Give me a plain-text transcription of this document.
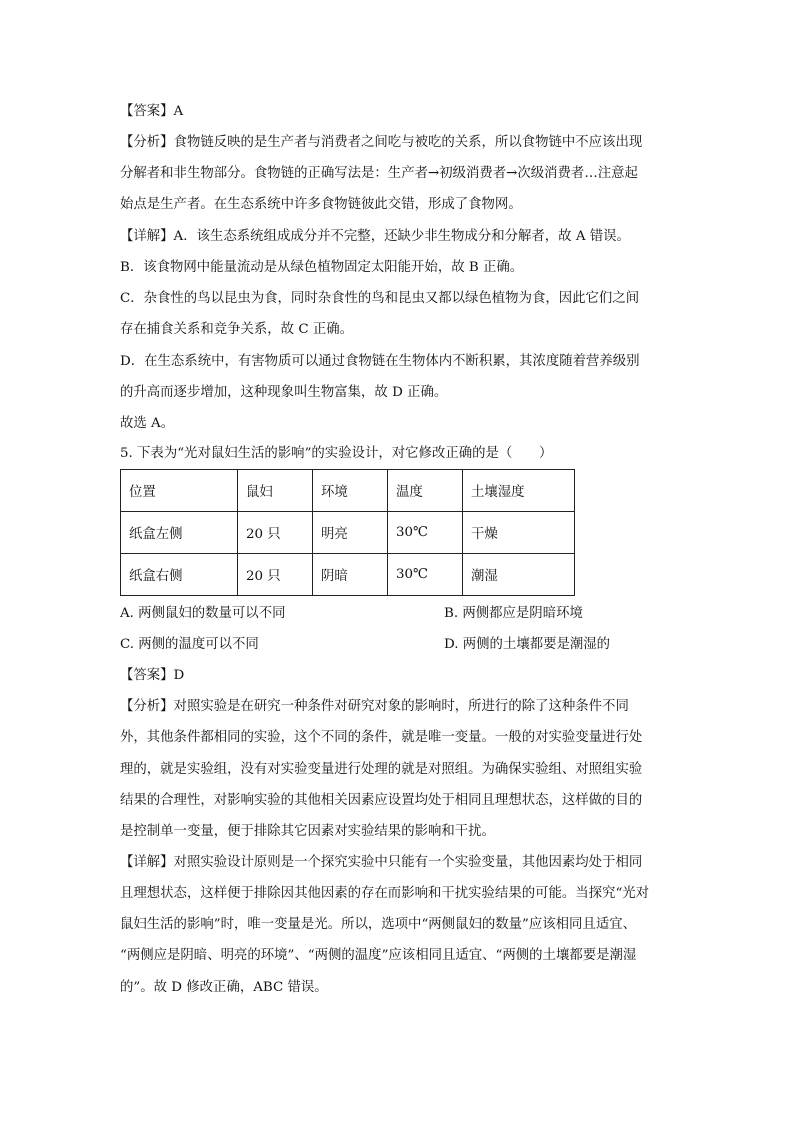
【答案】A
【分析】食物链反映的是生产者与消费者之间吃与被吃的关系，所以食物链中不应该出现
分解者和非生物部分。食物链的正确写法是：生产者→初级消费者→次级消费者…注意起
始点是生产者。在生态系统中许多食物链彼此交错，形成了食物网。
【详解】A．该生态系统组成成分并不完整，还缺少非生物成分和分解者，故 A 错误。
B．该食物网中能量流动是从绿色植物固定太阳能开始，故 B 正确。
C．杂食性的鸟以昆虫为食，同时杂食性的鸟和昆虫又都以绿色植物为食，因此它们之间
存在捕食关系和竞争关系，故 C 正确。
D．在生态系统中，有害物质可以通过食物链在生物体内不断积累，其浓度随着营养级别
的升高而逐步增加，这种现象叫生物富集，故 D 正确。
故选 A。
5. 下表为“光对鼠妇生活的影响”的实验设计，对它修改正确的是（　　）
位置	鼠妇	环境	温度	土壤湿度
纸盒左侧	20 只	明亮	30℃	干燥
纸盒右侧	20 只	阴暗	30℃	潮湿
A. 两侧鼠妇的数量可以不同	B. 两侧都应是阴暗环境
C. 两侧的温度可以不同	D. 两侧的土壤都要是潮湿的
【答案】D
【分析】对照实验是在研究一种条件对研究对象的影响时，所进行的除了这种条件不同
外，其他条件都相同的实验，这个不同的条件，就是唯一变量。一般的对实验变量进行处
理的，就是实验组，没有对实验变量进行处理的就是对照组。为确保实验组、对照组实验
结果的合理性，对影响实验的其他相关因素应设置均处于相同且理想状态，这样做的目的
是控制单一变量，便于排除其它因素对实验结果的影响和干扰。
【详解】对照实验设计原则是一个探究实验中只能有一个实验变量，其他因素均处于相同
且理想状态，这样便于排除因其他因素的存在而影响和干扰实验结果的可能。当探究“光对
鼠妇生活的影响”时，唯一变量是光。所以，选项中“两侧鼠妇的数量”应该相同且适宜、
“两侧应是阴暗、明亮的环境”、“两侧的温度”应该相同且适宜、“两侧的土壤都要是潮湿
的”。故 D 修改正确，ABC 错误。
